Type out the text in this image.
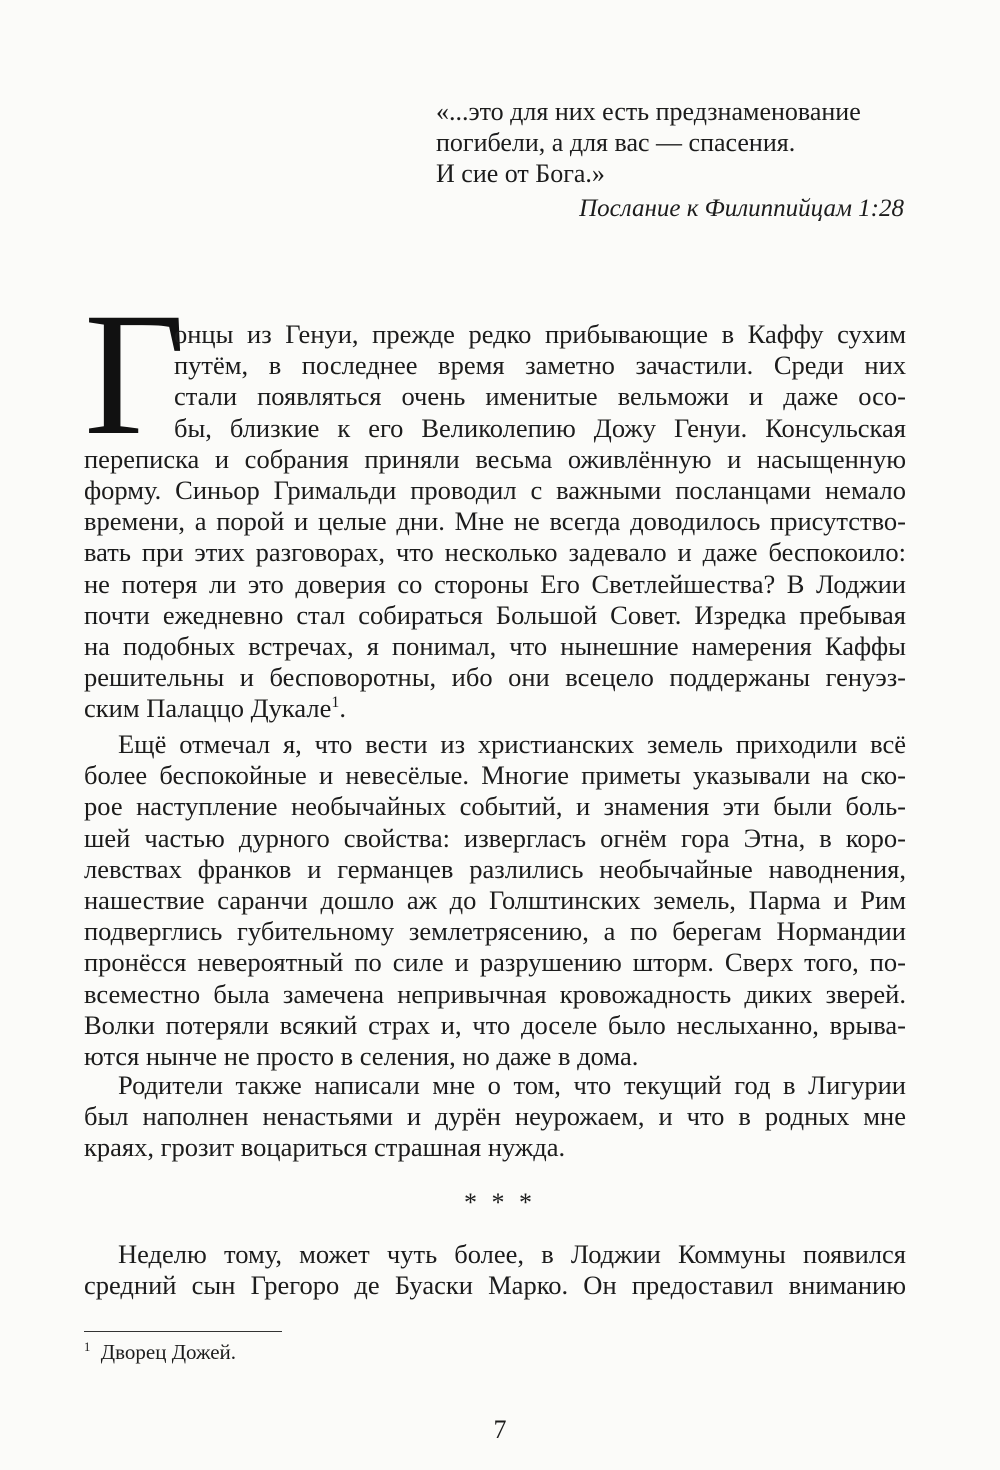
«...это для них есть предзнаменование
погибели, а для вас — спасения.
И сие от Бога.»
Послание к Филиппийцам 1:28
Г
онцы из Генуи, прежде редко прибывающие в Каффу сухим
путём, в последнее время заметно зачастили. Среди них
стали появляться очень именитые вельможи и даже осо-
бы, близкие к его Великолепию Дожу Генуи. Консульская
переписка и собрания приняли весьма оживлённую и насыщенную
форму. Синьор Гримальди проводил с важными посланцами немало
времени, а порой и целые дни. Мне не всегда доводилось присутство-
вать при этих разговорах, что несколько задевало и даже беспокоило:
не потеря ли это доверия со стороны Его Светлейшества? В Лоджии
почти ежедневно стал собираться Большой Совет. Изредка пребывая
на подобных встречах, я понимал, что нынешние намерения Каффы
решительны и бесповоротны, ибо они всецело поддержаны генуэз-
ским Палаццо Дукале$^1$.
Ещё отмечал я, что вести из христианских земель приходили всё
более беспокойные и невесёлые. Многие приметы указывали на ско-
рое наступление необычайных событий, и знамения эти были боль-
шей частью дурного свойства: извергласъ огнём гора Этна, в коро-
левствах франков и германцев разлились необычайные наводнения,
нашествие саранчи дошло аж до Голштинских земель, Парма и Рим
подверглись губительному землетрясению, а по берегам Нормандии
пронёсся невероятный по силе и разрушению шторм. Сверх того, по-
всеместно была замечена непривычная кровожадность диких зверей.
Волки потеряли всякий страх и, что доселе было неслыханно, врыва-
ются нынче не просто в селения, но даже в дома.
Родители также написали мне о том, что текущий год в Лигурии
был наполнен ненастьями и дурён неурожаем, и что в родных мне
краях, грозит воцариться страшная нужда.
* * *
Неделю тому, может чуть более, в Лоджии Коммуны появился
средний сын Грегоро де Буаски Марко. Он предоставил вниманию
$^1$ Дворец Дожей.
7
